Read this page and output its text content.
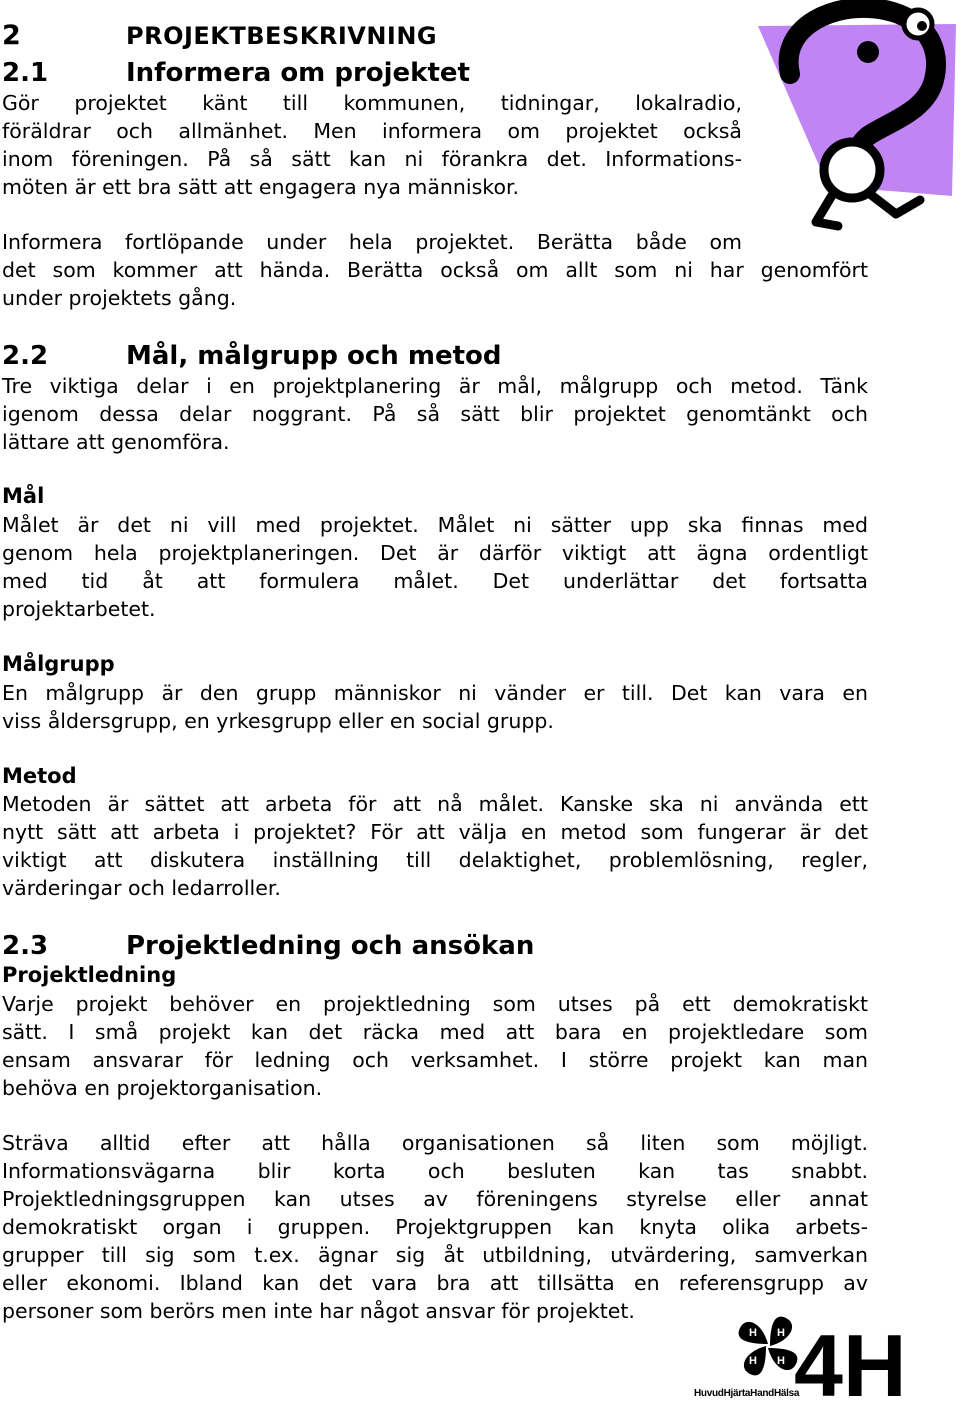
2	PROJEKTBESKRIVNING
2.1	Informera om projektet
Gör projektet känt till kommunen, tidningar, lokalradio,
föräldrar och allmänhet. Men informera om projektet också
inom föreningen. På så sätt kan ni förankra det. Informations-
möten är ett bra sätt att engagera nya människor.
Informera fortlöpande under hela projektet. Berätta både om
det som kommer att hända. Berätta också om allt som ni har genomfört
under projektets gång.
2.2	Mål, målgrupp och metod
Tre viktiga delar i en projektplanering är mål, målgrupp och metod. Tänk
igenom dessa delar noggrant. På så sätt blir projektet genomtänkt och
lättare att genomföra.
Mål
Målet är det ni vill med projektet. Målet ni sätter upp ska finnas med
genom hela projektplaneringen. Det är därför viktigt att ägna ordentligt
med tid åt att formulera målet. Det underlättar det fortsatta
projektarbetet.
Målgrupp
En målgrupp är den grupp människor ni vänder er till. Det kan vara en
viss åldersgrupp, en yrkesgrupp eller en social grupp.
Metod
Metoden är sättet att arbeta för att nå målet. Kanske ska ni använda ett
nytt sätt att arbeta i projektet? För att välja en metod som fungerar är det
viktigt att diskutera inställning till delaktighet, problemlösning, regler,
värderingar och ledarroller.
2.3	Projektledning och ansökan
Projektledning
Varje projekt behöver en projektledning som utses på ett demokratiskt
sätt. I små projekt kan det räcka med att bara en projektledare som
ensam ansvarar för ledning och verksamhet. I större projekt kan man
behöva en projektorganisation.
Sträva alltid efter att hålla organisationen så liten som möjligt.
Informationsvägarna blir korta och besluten kan tas snabbt.
Projektledningsgruppen kan utses av föreningens styrelse eller annat
demokratiskt organ i gruppen. Projektgruppen kan knyta olika arbets-
grupper till sig som t.ex. ägnar sig åt utbildning, utvärdering, samverkan
eller ekonomi. Ibland kan det vara bra att tillsätta en referensgrupp av
personer som berörs men inte har något ansvar för projektet.
H H
H
H 4H
HuvudHjärtaHandHälsa
